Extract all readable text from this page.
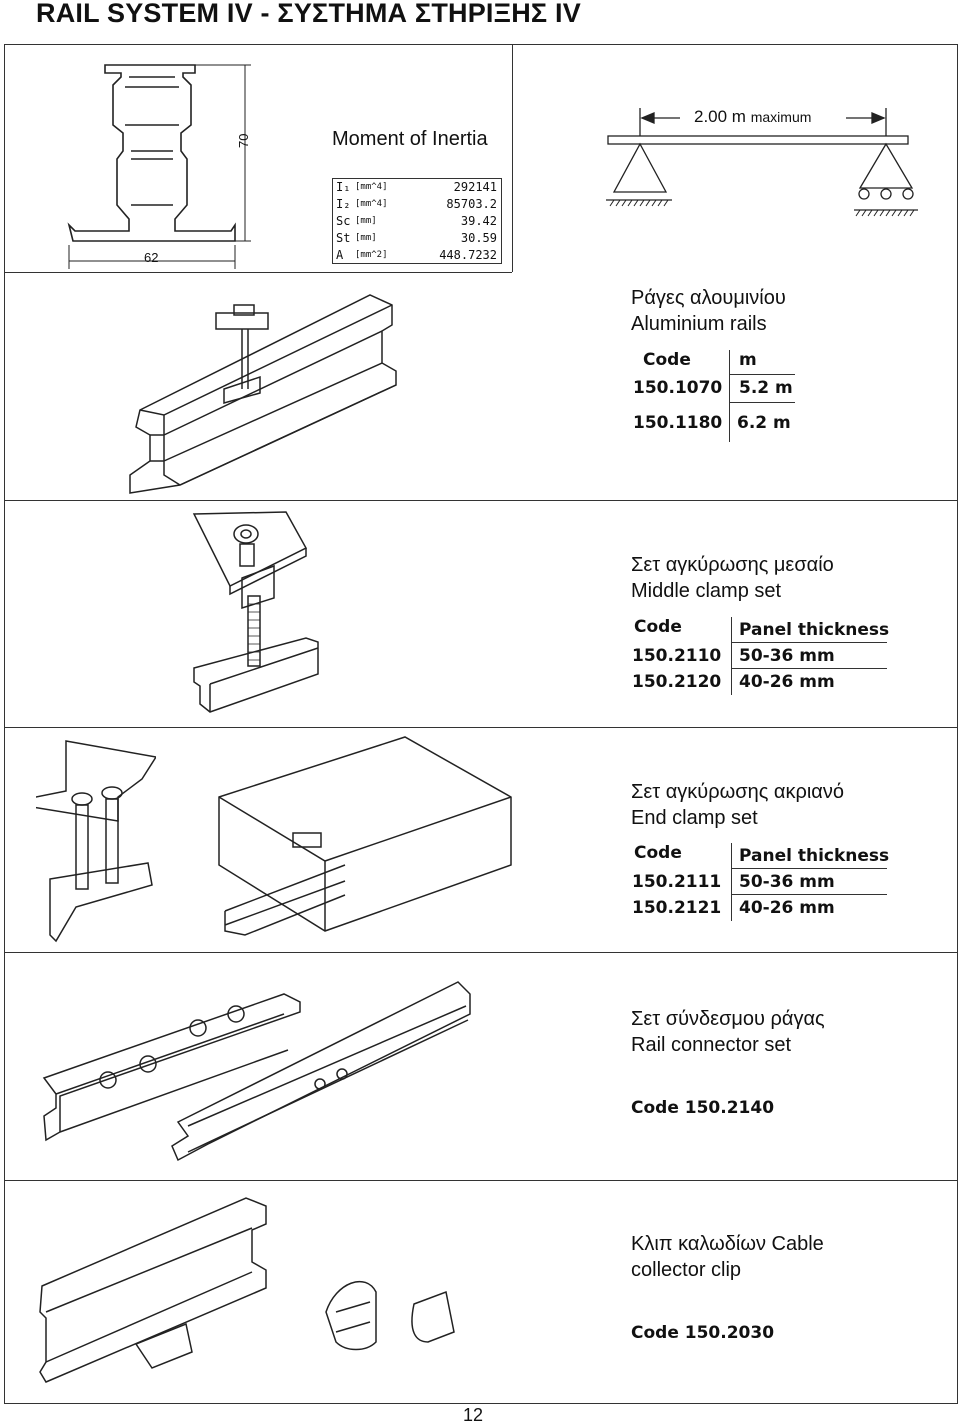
RAIL SYSTEM IV - ΣΥΣΤΗΜΑ ΣΤΗΡΙΞΗΣ IV
70
62
Moment of Inertia
I₁ [mm^4]	292141
I₂ [mm^4]	85703.2
Sc [mm]	39.42
St [mm]	30.59
A [mm^2]	448.7232
2.00 m maximum
Ράγες αλουμινίου
Aluminium rails
Code	m
150.1070 5.2 m
150.1180 6.2 m
Σετ αγκύρωσης μεσαίο
Middle clamp set
Code	Panel thickness
150.2110 50-36 mm
150.2120 40-26 mm
Σετ αγκύρωσης ακριανό
End clamp set
Code	Panel thickness
150.2111 50-36 mm
150.2121 40-26 mm
Σετ σύνδεσμου ράγας
Rail connector set
Code 150.2140
Κλιπ καλωδίων Cable
collector clip
Code 150.2030
12
